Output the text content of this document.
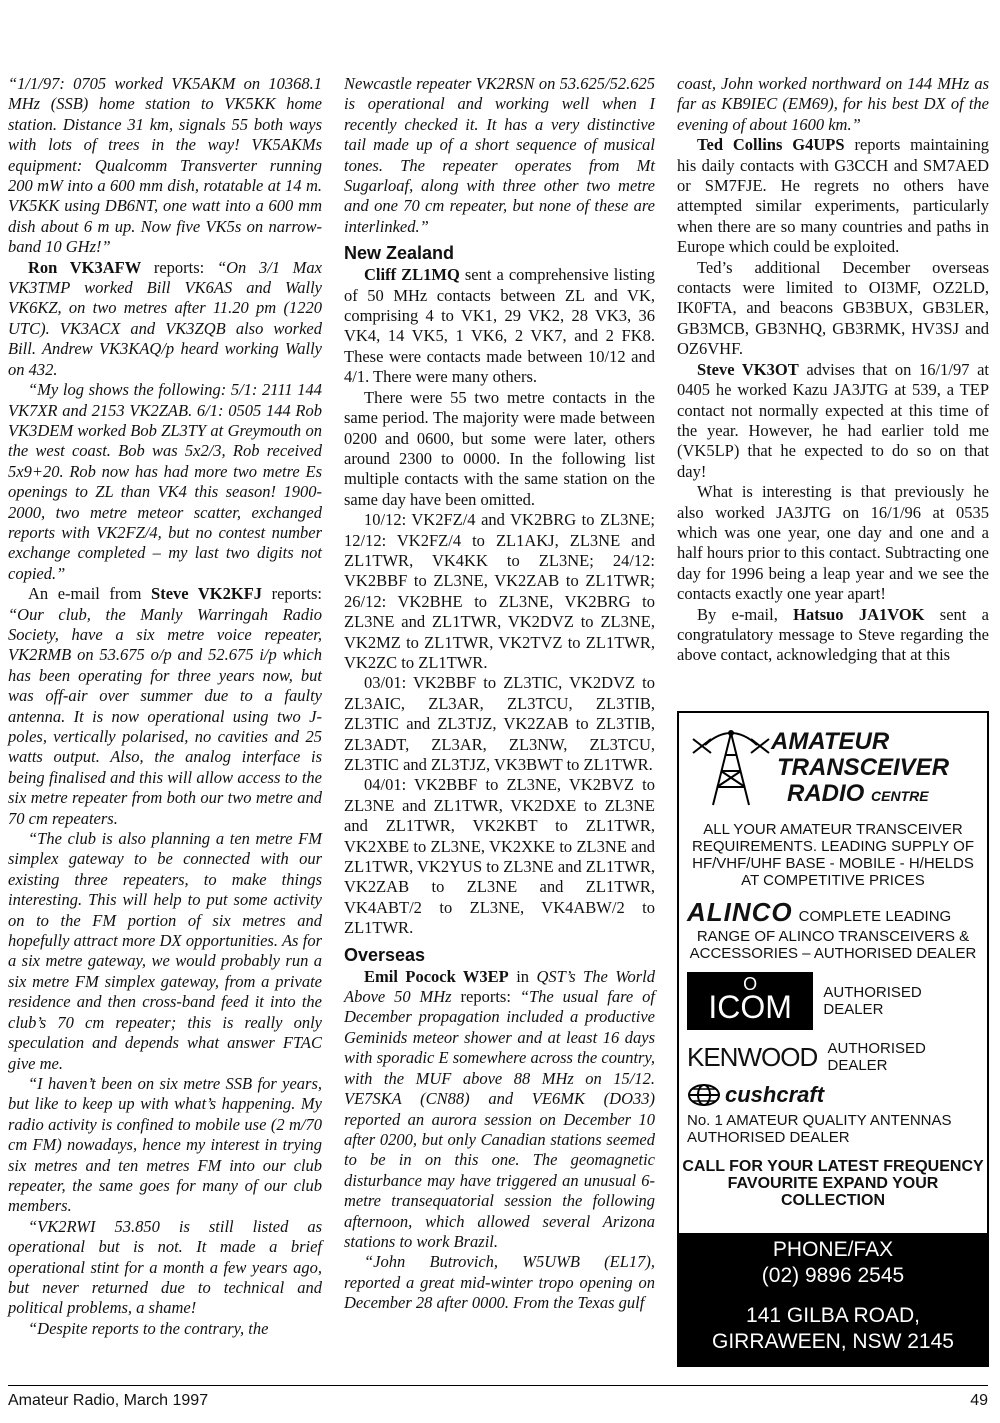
“1/1/97: 0705 worked VK5AKM on 10368.1 MHz (SSB) home station to VK5KK home station. Distance 31 km, signals 55 both ways with lots of trees in the way! VK5AKMs equipment: Qualcomm Transverter running 200 mW into a 600 mm dish, rotatable at 14 m. VK5KK using DB6NT, one watt into a 600 mm dish about 6 m up. Now five VK5s on narrow-band 10 GHz!”

Ron VK3AFW reports: “On 3/1 Max VK3TMP worked Bill VK6AS and Wally VK6KZ, on two metres after 11.20 pm (1220 UTC). VK3ACX and VK3ZQB also worked Bill. Andrew VK3KAQ/p heard working Wally on 432.

“My log shows the following: 5/1: 2111 144 VK7XR and 2153 VK2ZAB. 6/1: 0505 144 Rob VK3DEM worked Bob ZL3TY at Greymouth on the west coast. Bob was 5x2/3, Rob received 5x9+20. Rob now has had more two metre Es openings to ZL than VK4 this season! 1900-2000, two metre meteor scatter, exchanged reports with VK2FZ/4, but no contest number exchange completed – my last two digits not copied.”

An e-mail from Steve VK2KFJ reports: “Our club, the Manly Warringah Radio Society, have a six metre voice repeater, VK2RMB on 53.675 o/p and 52.675 i/p which has been operating for three years now, but was off-air over summer due to a faulty antenna. It is now operational using two J-poles, vertically polarised, no cavities and 25 watts output. Also, the analog interface is being finalised and this will allow access to the six metre repeater from both our two metre and 70 cm repeaters.

“The club is also planning a ten metre FM simplex gateway to be connected with our existing three repeaters, to make things interesting. This will help to put some activity on to the FM portion of six metres and hopefully attract more DX opportunities. As for a six metre gateway, we would probably run a six metre FM simplex gateway, from a private residence and then cross-band feed it into the club’s 70 cm repeater; this is really only speculation and depends what answer FTAC give me.

“I haven’t been on six metre SSB for years, but like to keep up with what’s happening. My radio activity is confined to mobile use (2 m/70 cm FM) nowadays, hence my interest in trying six metres and ten metres FM into our club repeater, the same goes for many of our club members.

“VK2RWI 53.850 is still listed as operational but is not. It made a brief operational stint for a month a few years ago, but never returned due to technical and political problems, a shame!

“Despite reports to the contrary, the

Newcastle repeater VK2RSN on 53.625/52.625 is operational and working well when I recently checked it. It has a very distinctive tail made up of a short sequence of musical tones. The repeater operates from Mt Sugarloaf, along with three other two metre and one 70 cm repeater, but none of these are interlinked.”

New Zealand

Cliff ZL1MQ sent a comprehensive listing of 50 MHz contacts between ZL and VK, comprising 4 to VK1, 29 VK2, 28 VK3, 36 VK4, 14 VK5, 1 VK6, 2 VK7, and 2 FK8. These were contacts made between 10/12 and 4/1. There were many others.

There were 55 two metre contacts in the same period. The majority were made between 0200 and 0600, but some were later, others around 2300 to 0000. In the following list multiple contacts with the same station on the same day have been omitted.

10/12: VK2FZ/4 and VK2BRG to ZL3NE; 12/12: VK2FZ/4 to ZL1AKJ, ZL3NE and ZL1TWR, VK4KK to ZL3NE; 24/12: VK2BBF to ZL3NE, VK2ZAB to ZL1TWR; 26/12: VK2BHE to ZL3NE, VK2BRG to ZL3NE and ZL1TWR, VK2DVZ to ZL3NE, VK2MZ to ZL1TWR, VK2TVZ to ZL1TWR, VK2ZC to ZL1TWR.

03/01: VK2BBF to ZL3TIC, VK2DVZ to ZL3AIC, ZL3AR, ZL3TCU, ZL3TIB, ZL3TIC and ZL3TJZ, VK2ZAB to ZL3TIB, ZL3ADT, ZL3AR, ZL3NW, ZL3TCU, ZL3TIC and ZL3TJZ, VK3BWT to ZL1TWR.

04/01: VK2BBF to ZL3NE, VK2BVZ to ZL3NE and ZL1TWR, VK2DXE to ZL3NE and ZL1TWR, VK2KBT to ZL1TWR, VK2XBE to ZL3NE, VK2XKE to ZL3NE and ZL1TWR, VK2YUS to ZL3NE and ZL1TWR, VK2ZAB to ZL3NE and ZL1TWR, VK4ABT/2 to ZL3NE, VK4ABW/2 to ZL1TWR.

Overseas

Emil Pocock W3EP in QST’s The World Above 50 MHz reports: “The usual fare of December propagation included a productive Geminids meteor shower and at least 16 days with sporadic E somewhere across the country, with the MUF above 88 MHz on 15/12. VE7SKA (CN88) and VE6MK (DO33) reported an aurora session on December 10 after 0200, but only Canadian stations seemed to be in on this one. The geomagnetic disturbance may have triggered an unusual 6-metre transequatorial session the following afternoon, which allowed several Arizona stations to work Brazil.

“John Butrovich, W5UWB (EL17), reported a great mid-winter tropo opening on December 28 after 0000. From the Texas gulf

coast, John worked northward on 144 MHz as far as KB9IEC (EM69), for his best DX of the evening of about 1600 km.”

Ted Collins G4UPS reports maintaining his daily contacts with G3CCH and SM7AED or SM7FJE. He regrets no others have attempted similar experiments, particularly when there are so many countries and paths in Europe which could be exploited.

Ted’s additional December overseas contacts were limited to OI3MF, OZ2LD, IK0FTA, and beacons GB3BUX, GB3LER, GB3MCB, GB3NHQ, GB3RMK, HV3SJ and OZ6VHF.

Steve VK3OT advises that on 16/1/97 at 0405 he worked Kazu JA3JTG at 539, a TEP contact not normally expected at this time of the year. However, he had earlier told me (VK5LP) that he expected to do so on that day!

What is interesting is that previously he also worked JA3JTG on 16/1/96 at 0535 which was one year, one day and one and a half hours prior to this contact. Subtracting one day for 1996 being a leap year and we see the contacts exactly one year apart!

By e-mail, Hatsuo JA1VOK sent a congratulatory message to Steve regarding the above contact, acknowledging that at this

AMATEUR
TRANSCEIVER
RADIO CENTRE
ALL YOUR AMATEUR TRANSCEIVER REQUIREMENTS. LEADING SUPPLY OF HF/VHF/UHF BASE - MOBILE - H/HELDS AT COMPETITIVE PRICES
ALINCO COMPLETE LEADING
RANGE OF ALINCO TRANSCEIVERS & ACCESSORIES – AUTHORISED DEALER
O
ICOM	AUTHORISED DEALER
KENWOOD AUTHORISED DEALER
cushcraft
No. 1 AMATEUR QUALITY ANTENNAS AUTHORISED DEALER
CALL FOR YOUR LATEST FREQUENCY FAVOURITE EXPAND YOUR COLLECTION
PHONE/FAX
(02) 9896 2545
141 GILBA ROAD,
GIRRAWEEN, NSW 2145
Amateur Radio, March 1997	49
